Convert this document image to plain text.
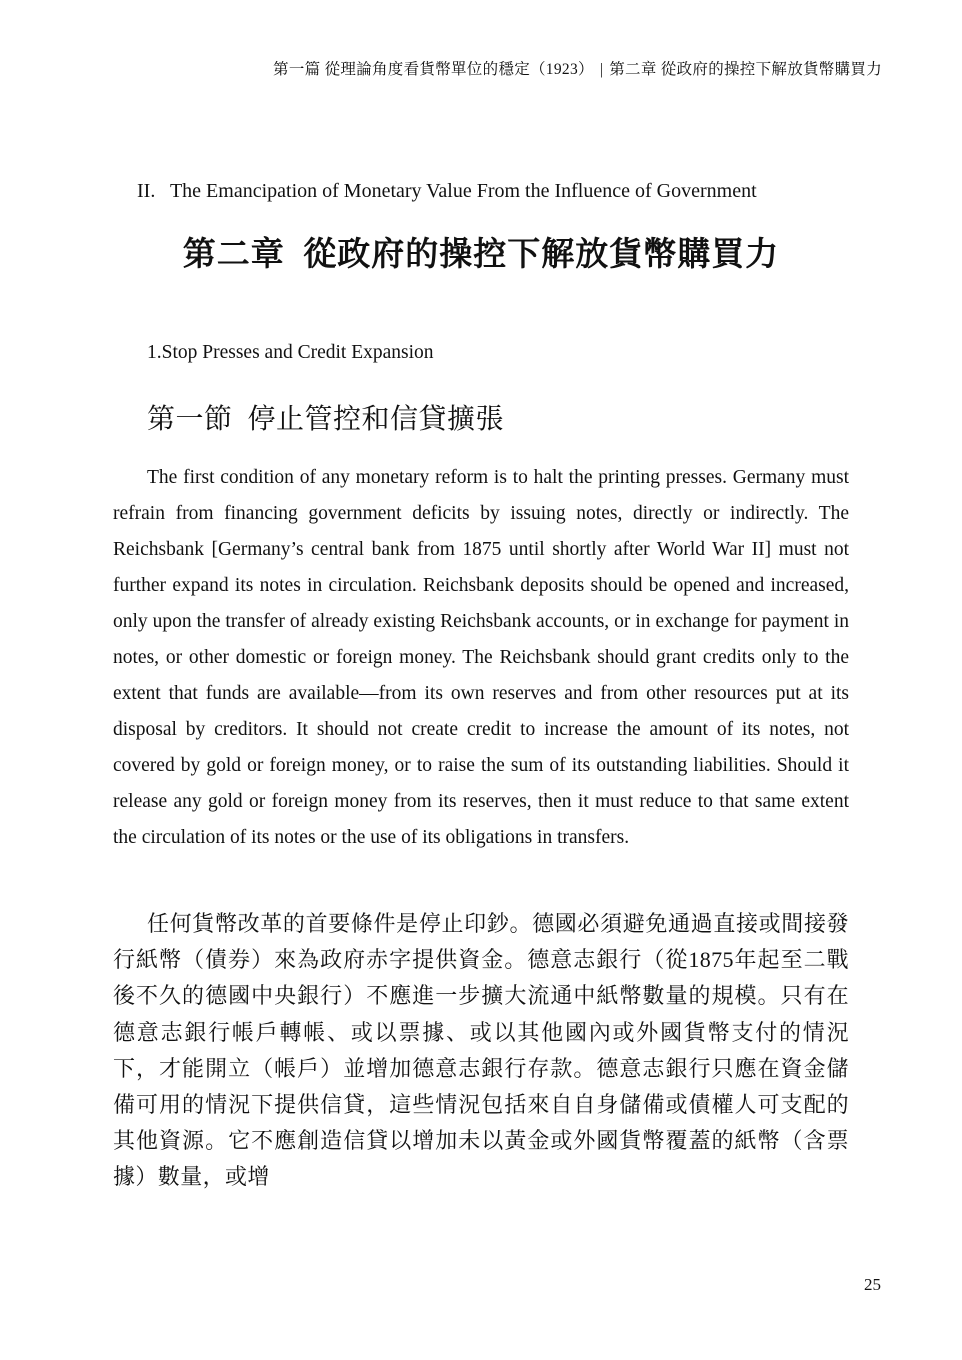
第一篇 從理論角度看貨幣單位的穩定（1923） | 第二章 從政府的操控下解放貨幣購買力
II.   The Emancipation of Monetary Value From the Influence of Government
第二章  從政府的操控下解放貨幣購買力
1.Stop Presses and Credit Expansion
第一節  停止管控和信貸擴張

The first condition of any monetary reform is to halt the printing presses. Germany must refrain from financing government deficits by issuing notes, directly or indirectly. The Reichsbank [Germany’s central bank from 1875 until shortly after World War II] must not further expand its notes in circulation. Reichsbank deposits should be opened and increased, only upon the transfer of already existing Reichsbank accounts, or in exchange for payment in notes, or other domestic or foreign money. The Reichsbank should grant credits only to the extent that funds are available—from its own reserves and from other resources put at its disposal by creditors. It should not create credit to increase the amount of its notes, not covered by gold or foreign money, or to raise the sum of its outstanding liabilities. Should it release any gold or foreign money from its reserves, then it must reduce to that same extent the circulation of its notes or the use of its obligations in transfers.

任何貨幣改革的首要條件是停止印鈔。德國必須避免通過直接或間接發行紙幣（債券）來為政府赤字提供資金。德意志銀行（從1875年起至二戰後不久的德國中央銀行）不應進一步擴大流通中紙幣數量的規模。只有在德意志銀行帳戶轉帳、或以票據、或以其他國內或外國貨幣支付的情況下，才能開立（帳戶）並增加德意志銀行存款。德意志銀行只應在資金儲備可用的情況下提供信貸，這些情況包括來自自身儲備或債權人可支配的其他資源。它不應創造信貸以增加未以黃金或外國貨幣覆蓋的紙幣（含票據）數量，或增

25
